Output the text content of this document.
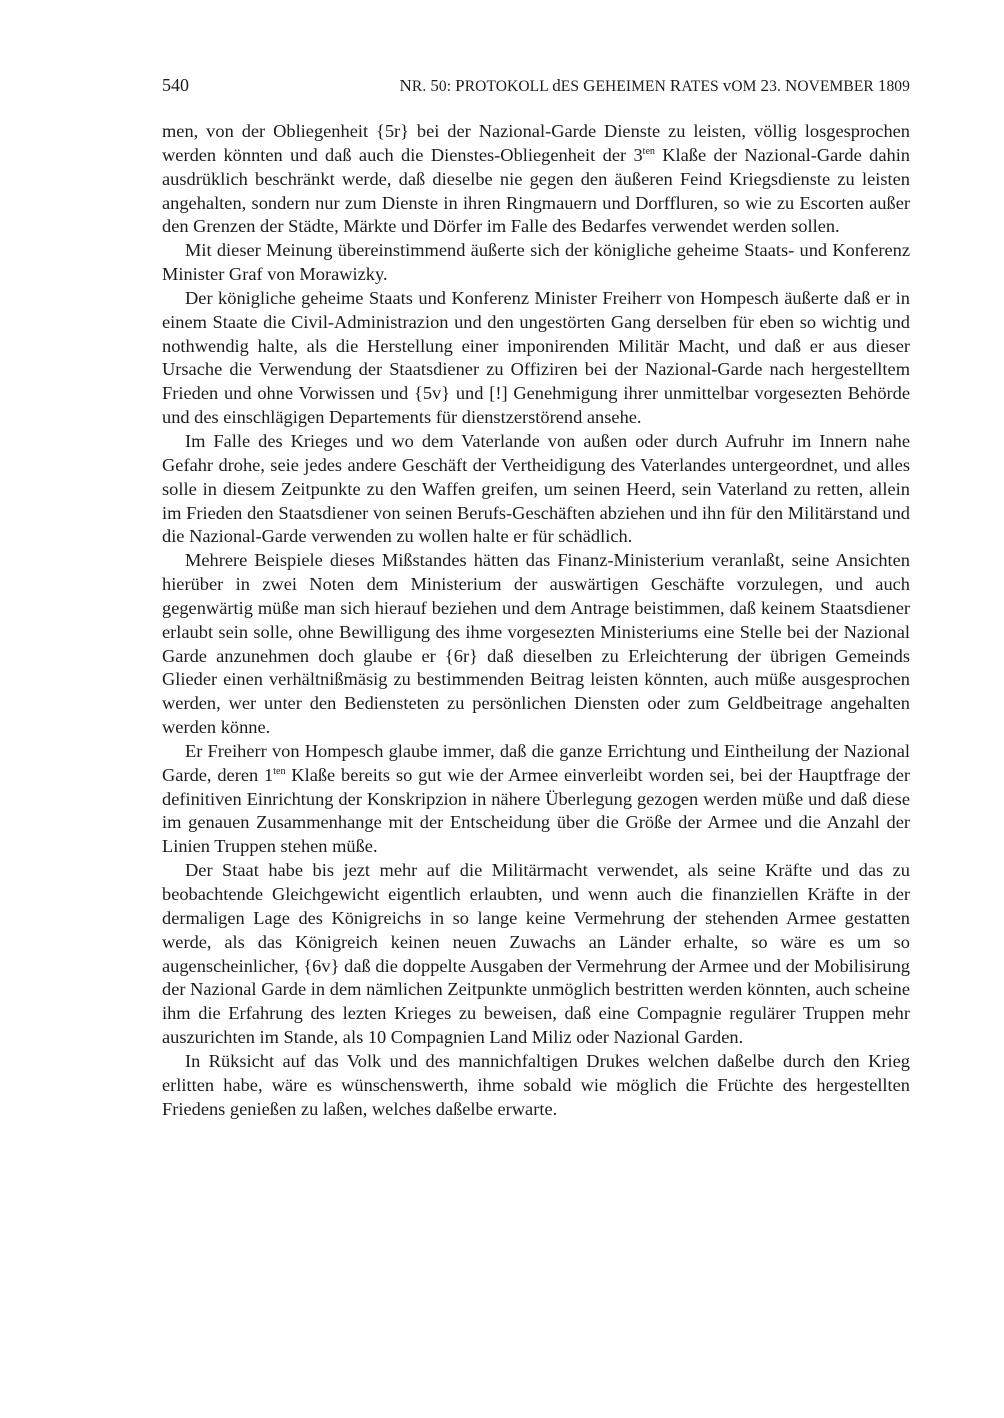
540	NR. 50: PROTOKOLL dES GEHEIMEN RATES vOM 23. NOVEMBER 1809

men, von der Obliegenheit {5r} bei der Nazional-Garde Dienste zu leisten, völlig losgesprochen werden könnten und daß auch die Dienstes-Obliegenheit der $3^{ten}$ Klaße der Nazional-Garde dahin ausdrüklich beschränkt werde, daß dieselbe nie gegen den äußeren Feind Kriegsdienste zu leisten angehalten, sondern nur zum Dienste in ihren Ringmauern und Dorffluren, so wie zu Escorten außer den Grenzen der Städte, Märkte und Dörfer im Falle des Bedarfes verwendet werden sollen.

Mit dieser Meinung übereinstimmend äußerte sich der königliche geheime Staats- und Konferenz Minister Graf von Morawizky.

Der königliche geheime Staats und Konferenz Minister Freiherr von Hompesch äußerte daß er in einem Staate die Civil-Administrazion und den ungestörten Gang derselben für eben so wichtig und nothwendig halte, als die Herstellung einer imponirenden Militär Macht, und daß er aus dieser Ursache die Verwendung der Staatsdiener zu Offiziren bei der Nazional-Garde nach hergestelltem Frieden und ohne Vorwissen und {5v} und [!] Genehmigung ihrer unmittelbar vorgesezten Behörde und des einschlägigen Departements für dienstzerstörend ansehe.

Im Falle des Krieges und wo dem Vaterlande von außen oder durch Aufruhr im Innern nahe Gefahr drohe, seie jedes andere Geschäft der Vertheidigung des Vaterlandes untergeordnet, und alles solle in diesem Zeitpunkte zu den Waffen greifen, um seinen Heerd, sein Vaterland zu retten, allein im Frieden den Staatsdiener von seinen Berufs-Geschäften abziehen und ihn für den Militärstand und die Nazional-Garde verwenden zu wollen halte er für schädlich.

Mehrere Beispiele dieses Mißstandes hätten das Finanz-Ministerium veranlaßt, seine Ansichten hierüber in zwei Noten dem Ministerium der auswärtigen Geschäfte vorzulegen, und auch gegenwärtig müße man sich hierauf beziehen und dem Antrage beistimmen, daß keinem Staatsdiener erlaubt sein solle, ohne Bewilligung des ihme vorgesezten Ministeriums eine Stelle bei der Nazional Garde anzunehmen doch glaube er {6r} daß dieselben zu Erleichterung der übrigen Gemeinds Glieder einen verhältnißmäsig zu bestimmenden Beitrag leisten könnten, auch müße ausgesprochen werden, wer unter den Bediensteten zu persönlichen Diensten oder zum Geldbeitrage angehalten werden könne.

Er Freiherr von Hompesch glaube immer, daß die ganze Errichtung und Eintheilung der Nazional Garde, deren $1^{ten}$ Klaße bereits so gut wie der Armee einverleibt worden sei, bei der Hauptfrage der definitiven Einrichtung der Konskripzion in nähere Überlegung gezogen werden müße und daß diese im genauen Zusammenhange mit der Entscheidung über die Größe der Armee und die Anzahl der Linien Truppen stehen müße.

Der Staat habe bis jezt mehr auf die Militärmacht verwendet, als seine Kräfte und das zu beobachtende Gleichgewicht eigentlich erlaubten, und wenn auch die finanziellen Kräfte in der dermaligen Lage des Königreichs in so lange keine Vermehrung der stehenden Armee gestatten werde, als das Königreich keinen neuen Zuwachs an Länder erhalte, so wäre es um so augenscheinlicher, {6v} daß die doppelte Ausgaben der Vermehrung der Armee und der Mobilisirung der Nazional Garde in dem nämlichen Zeitpunkte unmöglich bestritten werden könnten, auch scheine ihm die Erfahrung des lezten Krieges zu beweisen, daß eine Compagnie regulärer Truppen mehr auszurichten im Stande, als 10 Compagnien Land Miliz oder Nazional Garden.

In Rüksicht auf das Volk und des mannichfaltigen Drukes welchen daßelbe durch den Krieg erlitten habe, wäre es wünschenswerth, ihme sobald wie möglich die Früchte des hergestellten Friedens genießen zu laßen, welches daßelbe erwarte.
